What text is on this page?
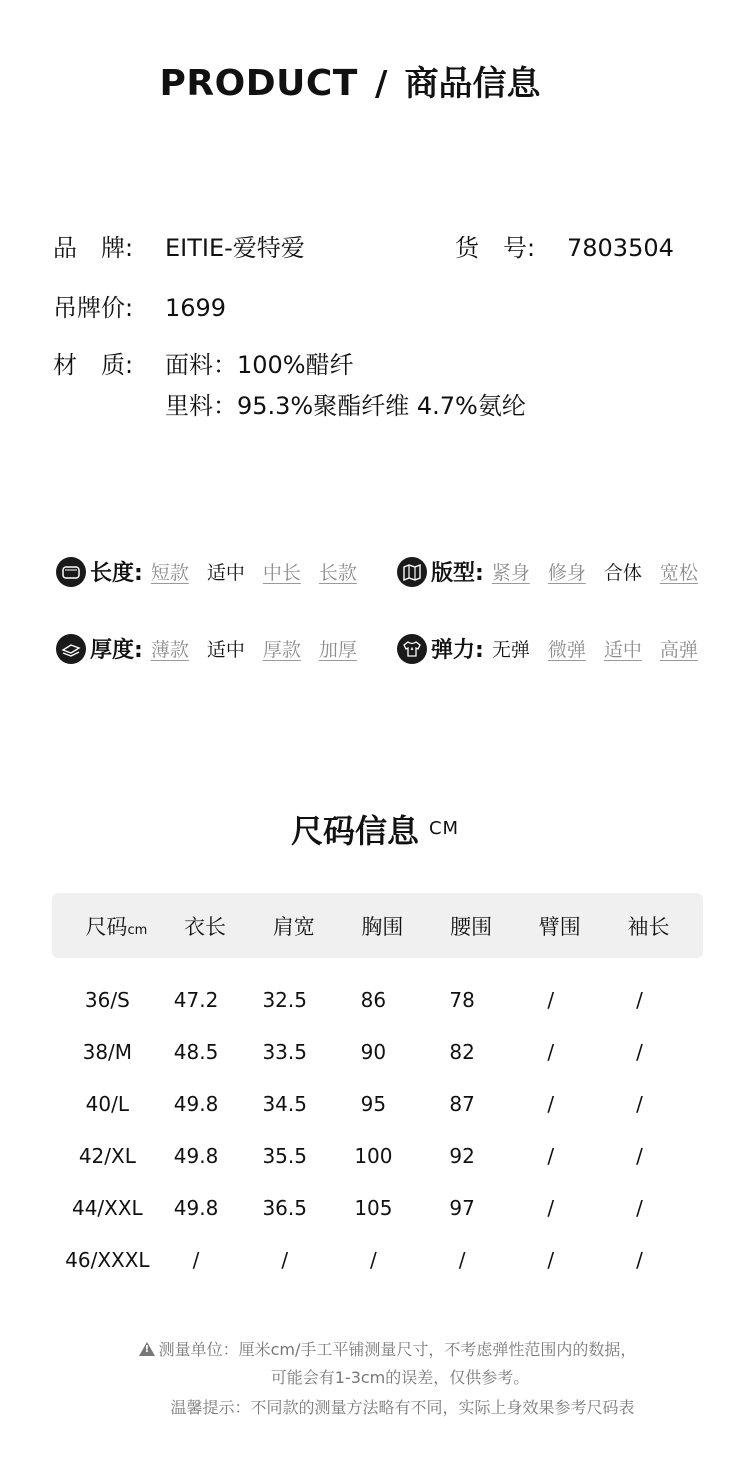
PRODUCT / 商品信息
品　牌: EITIE-爱特爱	货　号: 7803504
吊牌价: 1699
材　质: 面料：100%醋纤
里料：95.3%聚酯纤维 4.7%氨纶
长度: 短款 适中 中长 长款	版型: 紧身 修身 合体 宽松
厚度: 薄款 适中 厚款 加厚	弹力: 无弹 微弹 适中 高弹
尺码信息 CM
尺码cm	衣长	肩宽	胸围	腰围	臂围	袖长
36/S	47.2	32.5	86	78	/	/
38/M	48.5	33.5	90	82	/	/
40/L	49.8	34.5	95	87	/	/
42/XL	49.8	35.5	100	92	/	/
44/XXL	49.8	36.5	105	97	/	/
46/XXXL	/	/	/	/	/	/
!测量单位：厘米cm/手工平铺测量尺寸，不考虑弹性范围内的数据，
可能会有1-3cm的误差，仅供参考。
温馨提示：不同款的测量方法略有不同，实际上身效果参考尺码表
